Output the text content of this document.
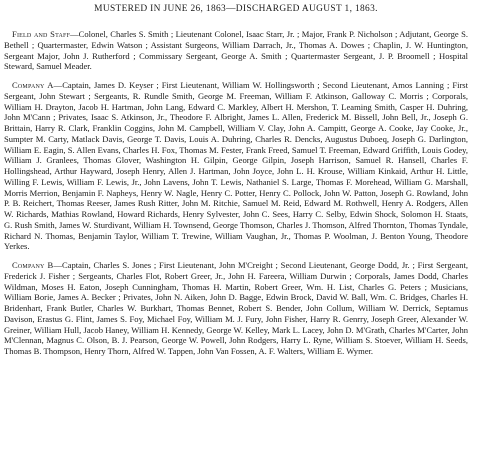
MUSTERED IN JUNE 26, 1863—DISCHARGED AUGUST 1, 1863.

Field and Staff—Colonel, Charles S. Smith ; Lieutenant Colonel, Isaac Starr, Jr. ; Major, Frank P. Nicholson ; Adjutant, George S. Bethell ; Quartermaster, Edwin Watson ; Assistant Surgeons, William Darrach, Jr., Thomas A. Dowes ; Chaplin, J. W. Huntington, Sergeant Major, John J. Rutherford ; Commissary Sergeant, George A. Smith ; Quartermaster Sergeant, J. P. Broomell ; Hospital Steward, Samuel Meader.

Company A—Captain, James D. Keyser ; First Lieutenant, William W. Hollingsworth ; Second Lieutenant, Amos Lanning ; First Sergeant, John Stewart ; Sergeants, R. Rundle Smith, George M. Freeman, William F. Atkinson, Galloway C. Morris ; Corporals, William H. Drayton, Jacob H. Hartman, John Lang, Edward C. Markley, Albert H. Mershon, T. Leaming Smith, Casper H. Duhring, John M'Cann ; Privates, Isaac S. Atkinson, Jr., Theodore F. Albright, James L. Allen, Frederick M. Bissell, John Bell, Jr., Joseph G. Brittain, Harry R. Clark, Franklin Coggins, John M. Campbell, William V. Clay, John A. Campitt, George A. Cooke, Jay Cooke, Jr., Sumpter M. Carty, Matlack Davis, George T. Davis, Louis A. Duhring, Charles R. Dencks, Augustus Duboeq, Joseph G. Darlington, William E. Eagin, S. Allen Evans, Charles H. Fox, Thomas M. Fester, Frank Freed, Samuel T. Freeman, Edward Griffith, Louis Godey, William J. Granlees, Thomas Glover, Washington H. Gilpin, George Gilpin, Joseph Harrison, Samuel R. Hansell, Charles F. Hollingshead, Arthur Hayward, Joseph Henry, Allen J. Hartman, John Joyce, John L. H. Krouse, William Kinkaid, Arthur H. Little, Willing F. Lewis, William F. Lewis, Jr., John Lavens, John T. Lewis, Nathaniel S. Large, Thomas F. Morehead, William G. Marshall, Morris Merrion, Benjamin F. Napheys, Henry W. Nagle, Henry C. Potter, Henry C. Pollock, John W. Patton, Joseph G. Rowland, John P. B. Reichert, Thomas Reeser, James Rush Ritter, John M. Ritchie, Samuel M. Reid, Edward M. Rothwell, Henry A. Rodgers, Allen W. Richards, Mathias Rowland, Howard Richards, Henry Sylvester, John C. Sees, Harry C. Selby, Edwin Shock, Solomon H. Staats, G. Rush Smith, James W. Sturdivant, William H. Townsend, George Thomson, Charles J. Thomson, Alfred Thornton, Thomas Tyndale, Richard N. Thomas, Benjamin Taylor, William T. Trewine, William Vaughan, Jr., Thomas P. Woolman, J. Benton Young, Theodore Yerkes.

Company B—Captain, Charles S. Jones ; First Lieutenant, John M'Creight ; Second Lieutenant, George Dodd, Jr. ; First Sergeant, Frederick J. Fisher ; Sergeants, Charles Flot, Robert Greer, Jr., John H. Fareera, William Durwin ; Corporals, James Dodd, Charles Wildman, Moses H. Eaton, Joseph Cunningham, Thomas H. Martin, Robert Greer, Wm. H. List, Charles G. Peters ; Musicians, William Borie, James A. Becker ; Privates, John N. Aiken, John D. Bagge, Edwin Brock, David W. Ball, Wm. C. Bridges, Charles H. Bridenhart, Frank Butler, Charles W. Burkhart, Thomas Bennet, Robert S. Bender, John Collum, William W. Derrick, Septamus Davison, Erastus G. Flint, James S. Foy, Michael Foy, William M. J. Fury, John Fisher, Harry R. Genrry, Joseph Greer, Alexander W. Greiner, William Hull, Jacob Haney, William H. Kennedy, George W. Kelley, Mark L. Lacey, John D. M'Grath, Charles M'Carter, John M'Clennan, Magnus C. Olson, B. J. Pearson, George W. Powell, John Rodgers, Harry L. Ryne, William S. Stoever, William H. Seeds, Thomas B. Thompson, Henry Thorn, Alfred W. Tappen, John Van Fossen, A. F. Walters, William E. Wymer.
